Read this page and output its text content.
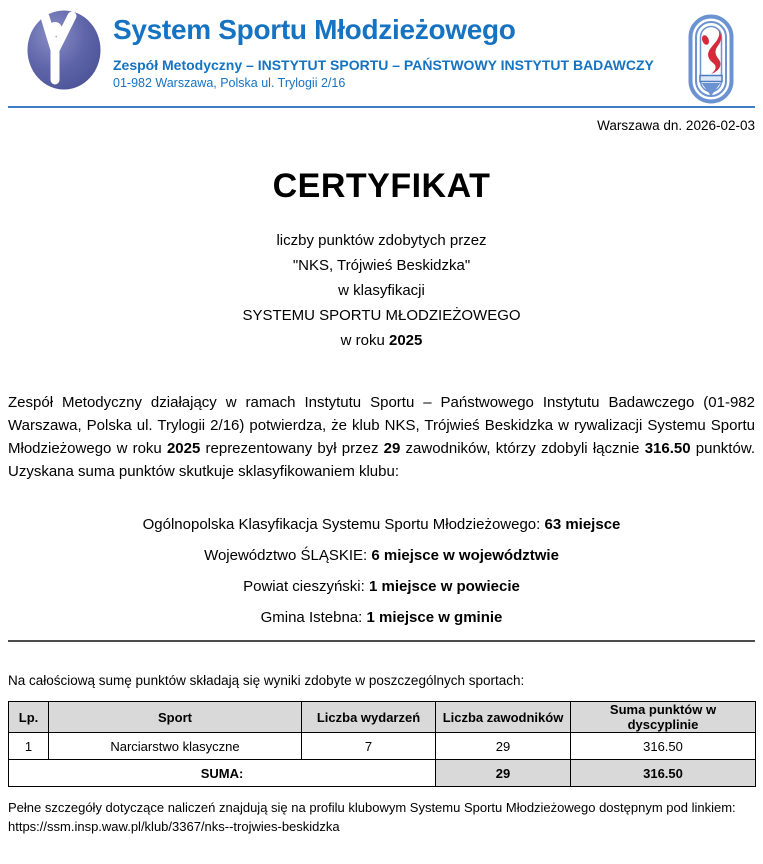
System Sportu Młodzieżowego
Zespół Metodyczny – INSTYTUT SPORTU – PAŃSTWOWY INSTYTUT BADAWCZY
01-982 Warszawa, Polska ul. Trylogii 2/16
Warszawa dn. 2026-02-03
CERTYFIKAT
liczby punktów zdobytych przez
"NKS, Trójwieś Beskidzka"
w klasyfikacji
SYSTEMU SPORTU MŁODZIEŻOWEGO
w roku 2025

Zespół Metodyczny działający w ramach Instytutu Sportu – Państwowego Instytutu Badawczego (01-982 Warszawa, Polska ul. Trylogii 2/16) potwierdza, że klub NKS, Trójwieś Beskidzka w rywalizacji Systemu Sportu Młodzieżowego w roku 2025 reprezentowany był przez 29 zawodników, którzy zdobyli łącznie 316.50 punktów. Uzyskana suma punktów skutkuje sklasyfikowaniem klubu:

Ogólnopolska Klasyfikacja Systemu Sportu Młodzieżowego: 63 miejsce
Województwo ŚLĄSKIE: 6 miejsce w województwie
Powiat cieszyński: 1 miejsce w powiecie
Gmina Istebna: 1 miejsce w gminie
Na całościową sumę punktów składają się wyniki zdobyte w poszczególnych sportach:
Lp.	Sport	Liczba wydarzeń	Liczba zawodników	Suma punktów w dyscyplinie
1	Narciarstwo klasyczne	7	29	316.50
SUMA:			29	316.50
Pełne szczegóły dotyczące naliczeń znajdują się na profilu klubowym Systemu Sportu Młodzieżowego dostępnym pod linkiem:
https://ssm.insp.waw.pl/klub/3367/nks--trojwies-beskidzka
